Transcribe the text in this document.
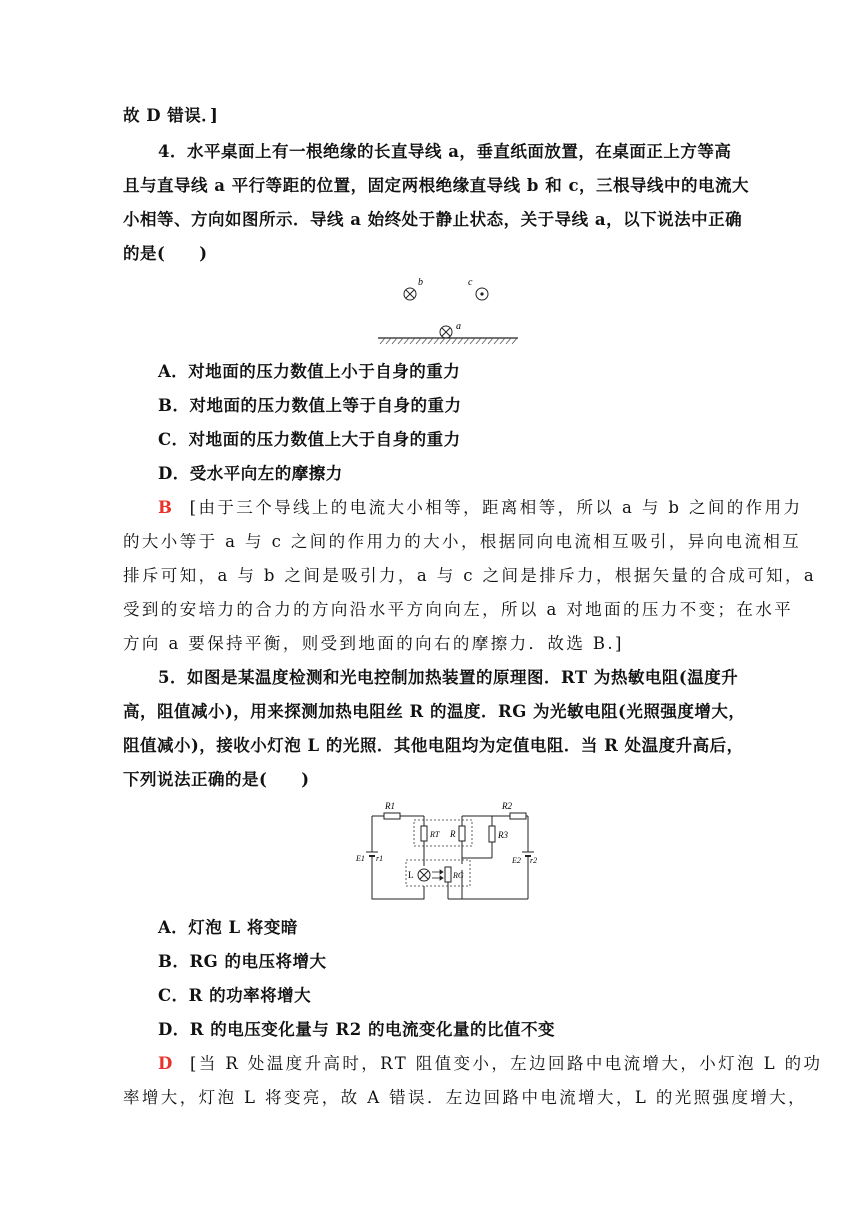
故 D 错误．]
4．水平桌面上有一根绝缘的长直导线 a，垂直纸面放置，在桌面正上方等高
且与直导线 a 平行等距的位置，固定两根绝缘直导线 b 和 c，三根导线中的电流大
小相等、方向如图所示．导线 a 始终处于静止状态，关于导线 a，以下说法中正确
的是(　　)
b	c
a
A．对地面的压力数值上小于自身的重力
B．对地面的压力数值上等于自身的重力
C．对地面的压力数值上大于自身的重力
D．受水平向左的摩擦力
B [由于三个导线上的电流大小相等，距离相等，所以 a 与 b 之间的作用力
的大小等于 a 与 c 之间的作用力的大小，根据同向电流相互吸引，异向电流相互
排斥可知，a 与 b 之间是吸引力，a 与 c 之间是排斥力，根据矢量的合成可知，a
受到的安培力的合力的方向沿水平方向向左，所以 a 对地面的压力不变；在水平
方向 a 要保持平衡，则受到地面的向右的摩擦力．故选 B.]
5．如图是某温度检测和光电控制加热装置的原理图．RT 为热敏电阻(温度升
高，阻值减小)，用来探测加热电阻丝 R 的温度．RG 为光敏电阻(光照强度增大，
阻值减小)，接收小灯泡 L 的光照．其他电阻均为定值电阻．当 R 处温度升高后，
下列说法正确的是(　　)
R1	R2
RT R	R3
E1 r1	E2 r2
L	RG
A．灯泡 L 将变暗
B．RG 的电压将增大
C．R 的功率将增大
D．R 的电压变化量与 R2 的电流变化量的比值不变
D [当 R 处温度升高时，RT 阻值变小，左边回路中电流增大，小灯泡 L 的功
率增大，灯泡 L 将变亮，故 A 错误．左边回路中电流增大，L 的光照强度增大，
